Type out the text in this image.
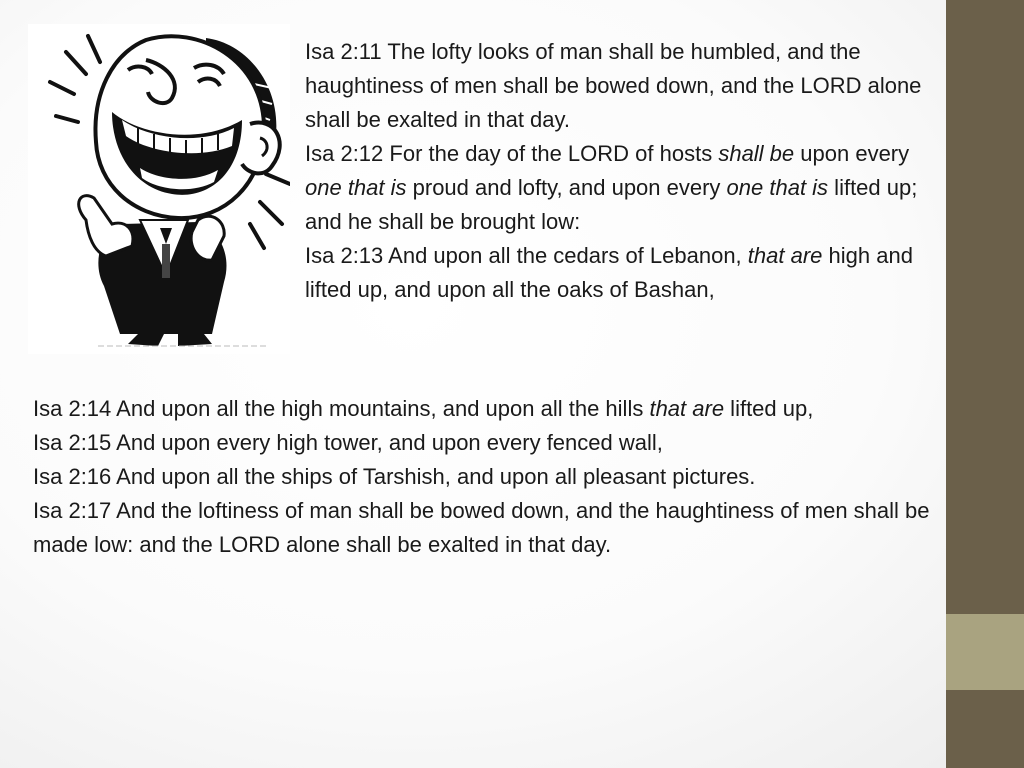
Isa 2:11 The lofty looks of man shall be humbled, and the haughtiness of men shall be bowed down, and the LORD alone shall be exalted in that day.

Isa 2:12 For the day of the LORD of hosts shall be upon every one that is proud and lofty, and upon every one that is lifted up; and he shall be brought low:

Isa 2:13 And upon all the cedars of Lebanon, that are high and lifted up, and upon all the oaks of Bashan,

Isa 2:14 And upon all the high mountains, and upon all the hills that are lifted up,

Isa 2:15 And upon every high tower, and upon every fenced wall,

Isa 2:16 And upon all the ships of Tarshish, and upon all pleasant pictures.

Isa 2:17 And the loftiness of man shall be bowed down, and the haughtiness of men shall be made low: and the LORD alone shall be exalted in that day.
